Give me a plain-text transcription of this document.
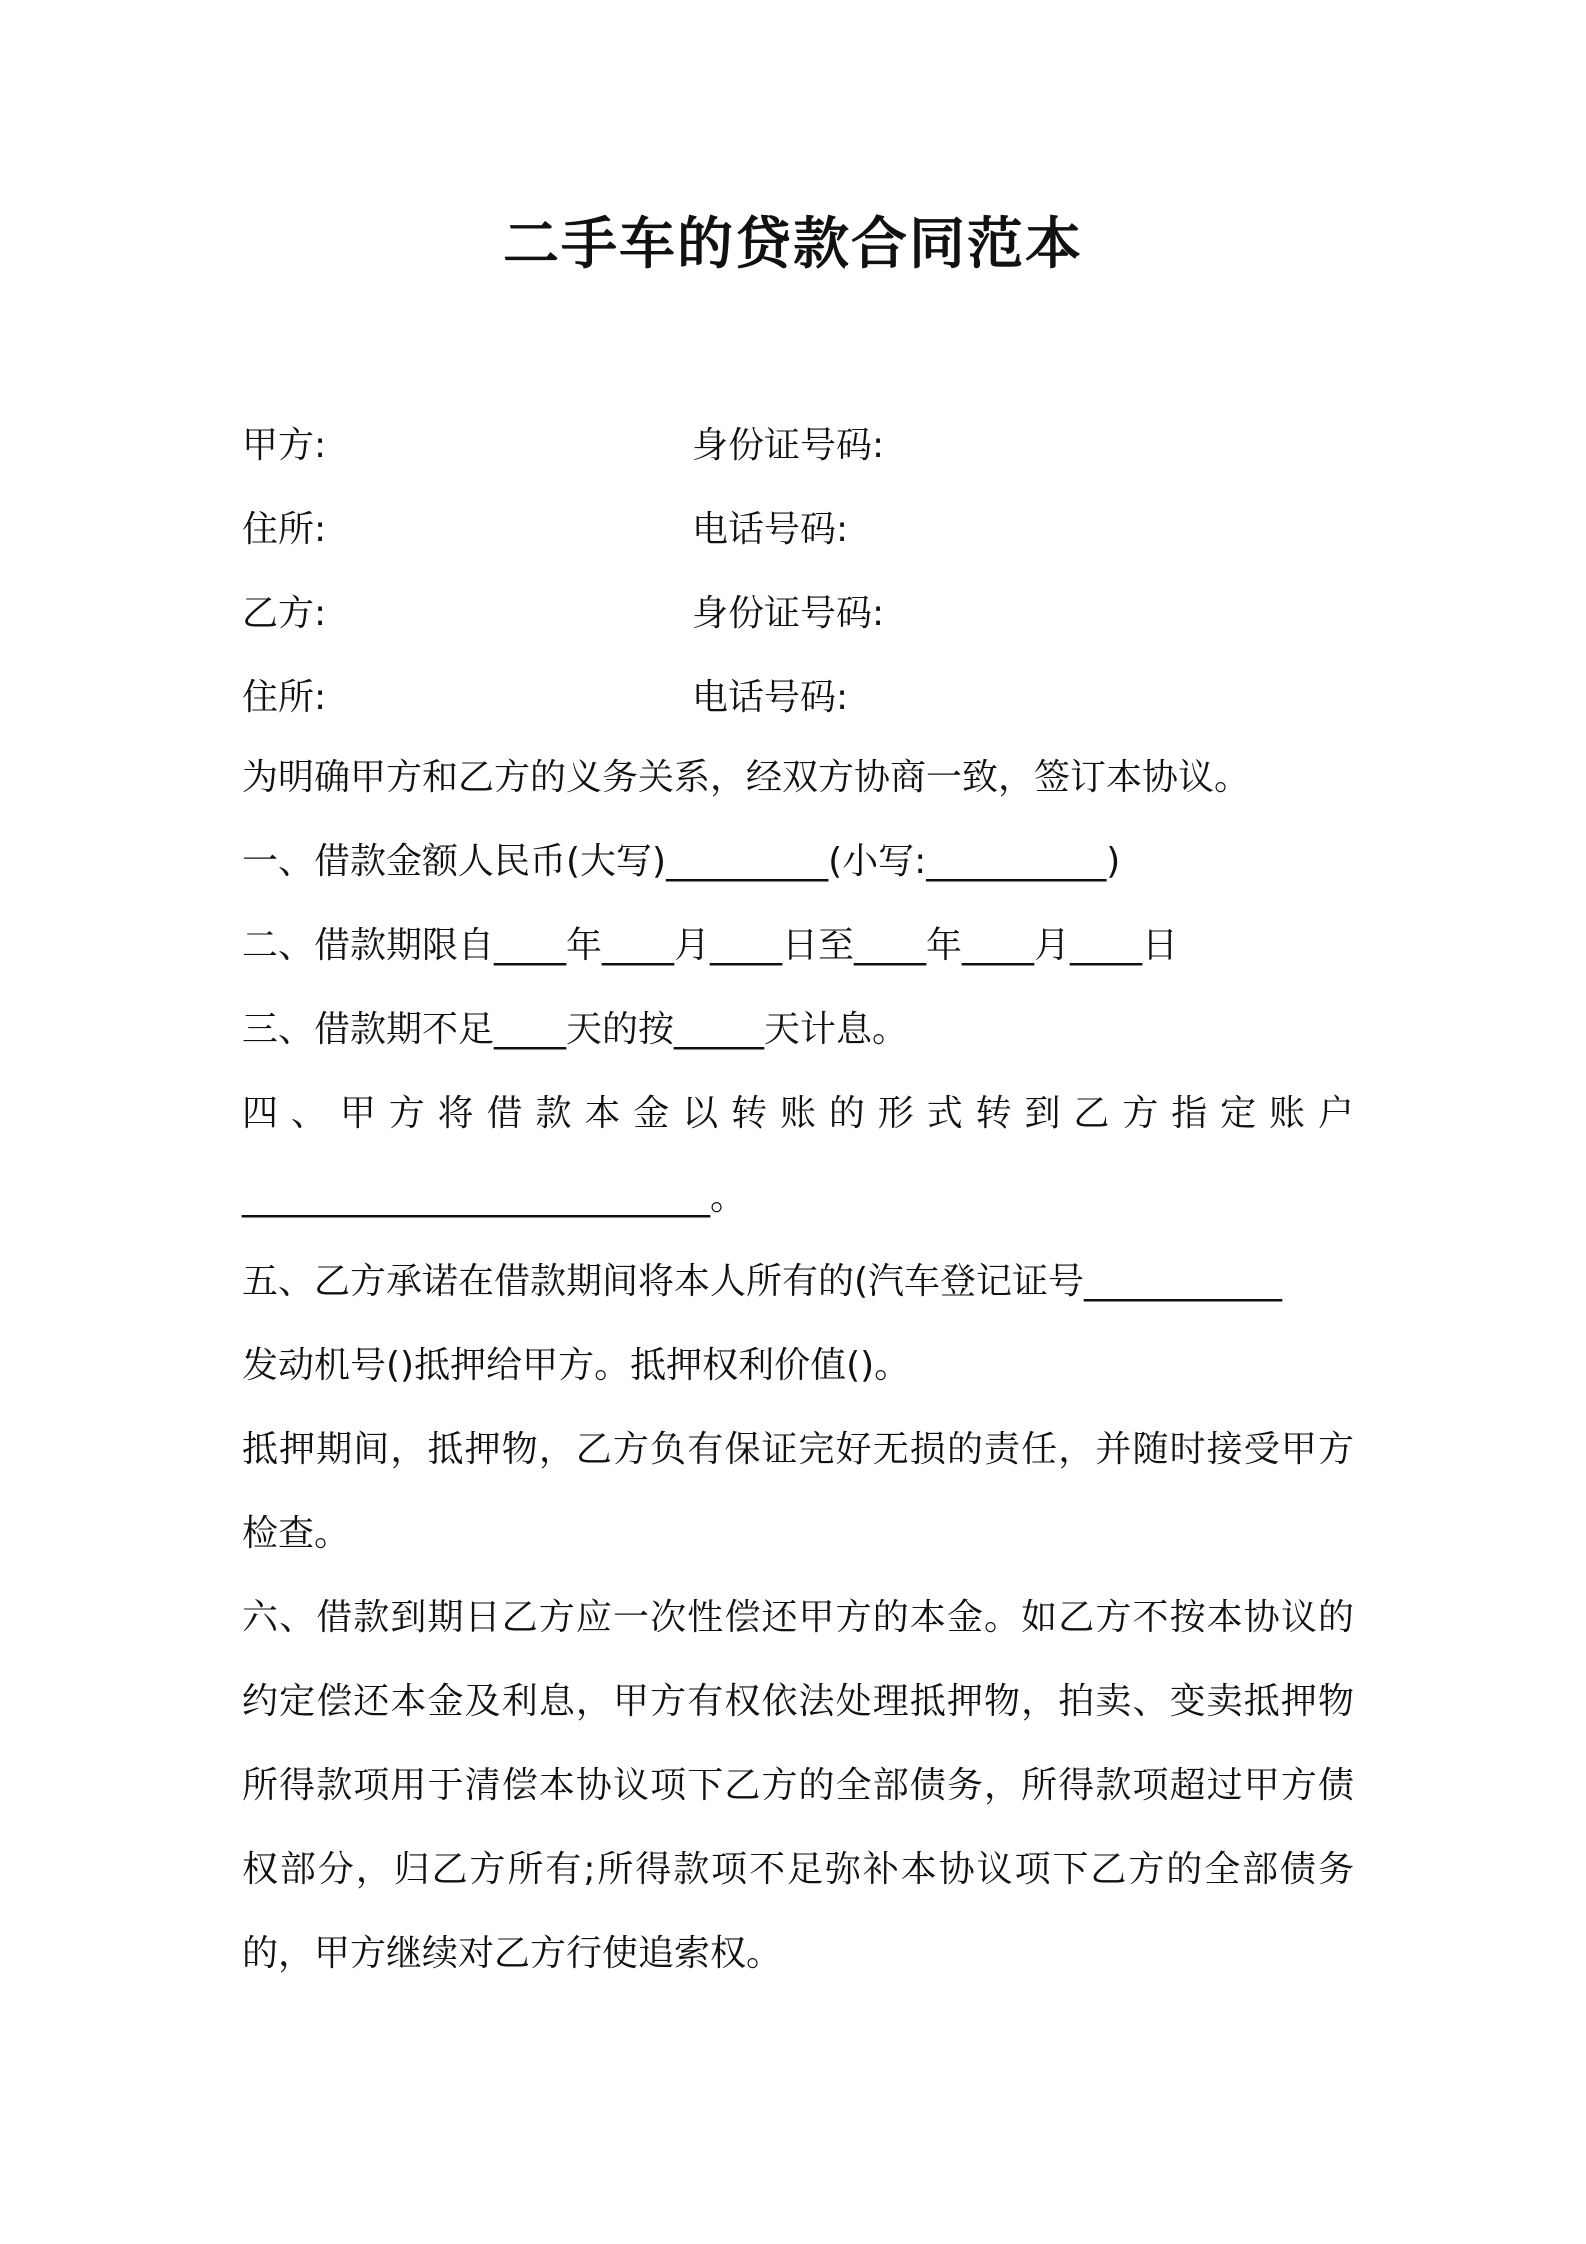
二手车的贷款合同范本
甲方:	身份证号码:
住所:	电话号码:
乙方:	身份证号码:
住所:	电话号码:
为明确甲方和乙方的义务关系，经双方协商一致，签订本协议。
一、借款金额人民币(大写)_________(小写:__________)
二、借款期限自____年____月____日至____年____月____日
三、借款期不足____天的按_____天计息。
四 、 甲 方 将 借 款 本 金 以 转 账 的 形 式 转 到 乙 方 指 定 账 户
__________________________。
五、乙方承诺在借款期间将本人所有的(汽车登记证号___________
发动机号()抵押给甲方。抵押权利价值()。
抵押期间，抵押物，乙方负有保证完好无损的责任，并随时接受甲方检查。
六、借款到期日乙方应一次性偿还甲方的本金。如乙方不按本协议的约定偿还本金及利息，甲方有权依法处理抵押物，拍卖、变卖抵押物所得款项用于清偿本协议项下乙方的全部债务，所得款项超过甲方债权部分，归乙方所有;所得款项不足弥补本协议项下乙方的全部债务的，甲方继续对乙方行使追索权。
